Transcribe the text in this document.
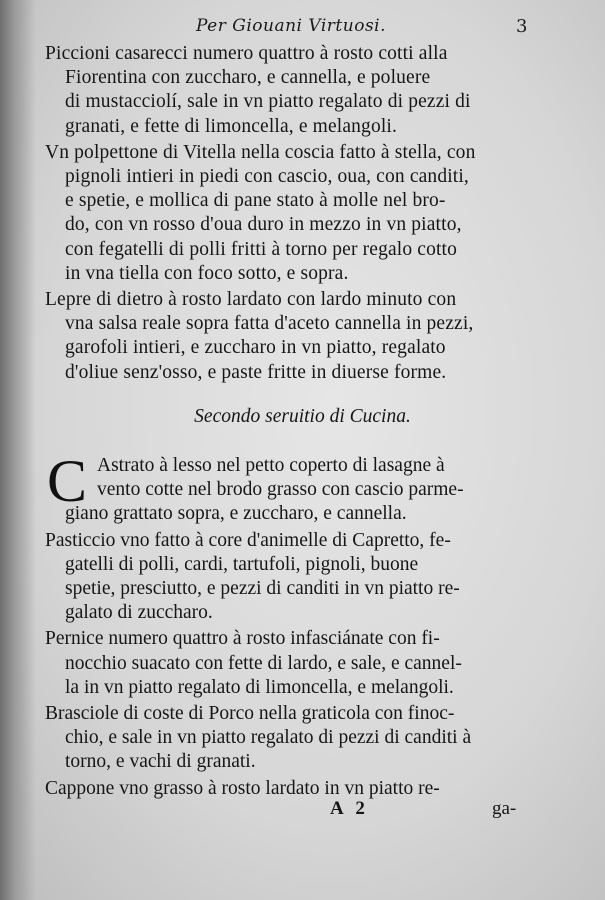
Per Giouani Virtuosi.	3
Piccioni casarecci numero quattro à rosto cotti alla
Fiorentina con zuccharo, e cannella, e poluere
di mustacciolí, sale in vn piatto regalato di pezzi di
granati, e fette di limoncella, e melangoli.
Vn polpettone di Vitella nella coscia fatto à stella, con
pignoli intieri in piedi con cascio, oua, con canditi,
e spetie, e mollica di pane stato à molle nel bro-
do, con vn rosso d'oua duro in mezzo in vn piatto,
con fegatelli di polli fritti à torno per regalo cotto
in vna tiella con foco sotto, e sopra.
Lepre di dietro à rosto lardato con lardo minuto con
vna salsa reale sopra fatta d'aceto cannella in pezzi,
garofoli intieri, e zuccharo in vn piatto, regalato
d'oliue senz'osso, e paste fritte in diuerse forme.
Secondo seruitio di Cucina.
C Astrato à lesso nel petto coperto di lasagne à
vento cotte nel brodo grasso con cascio parme-
giano grattato sopra, e zuccharo, e cannella.
Pasticcio vno fatto à core d'animelle di Capretto, fe-
gatelli di polli, cardi, tartufoli, pignoli, buone
spetie, presciutto, e pezzi di canditi in vn piatto re-
galato di zuccharo.
Pernice numero quattro à rosto infasciánate con fi-
nocchio suacato con fette di lardo, e sale, e cannel-
la in vn piatto regalato di limoncella, e melangoli.
Brasciole di coste di Porco nella graticola con finoc-
chio, e sale in vn piatto regalato di pezzi di canditi à
torno, e vachi di granati.
Cappone vno grasso à rosto lardato in vn piatto re-
A 2	ga-
